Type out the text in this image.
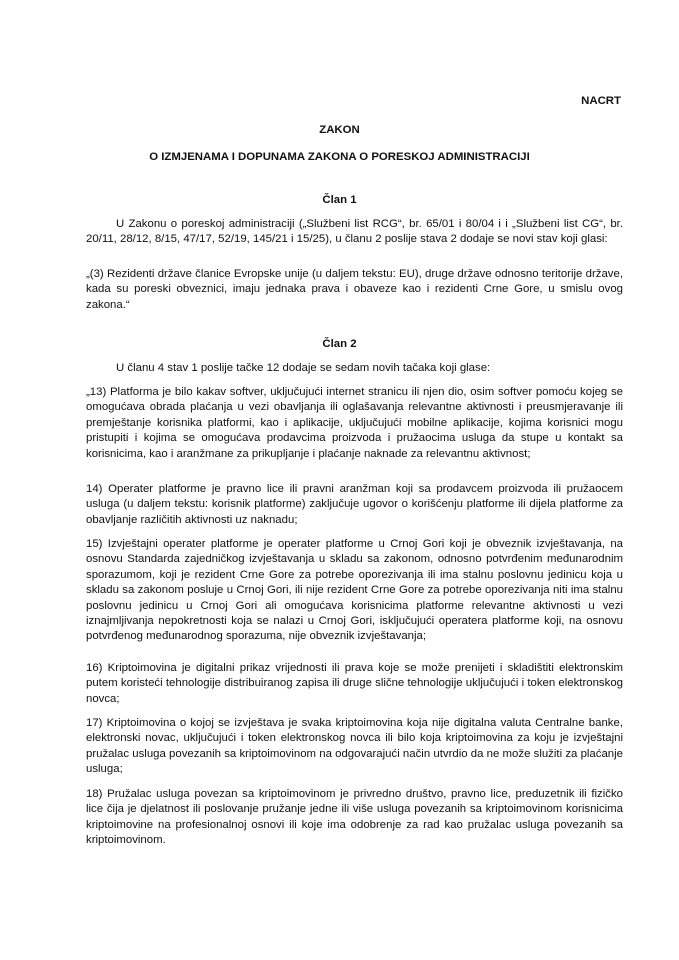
NACRT
ZAKON
O IZMJENAMA I DOPUNAMA ZAKONA O PORESKOJ ADMINISTRACIJI
Član 1
U Zakonu o poreskoj administraciji („Službeni list RCG“, br. 65/01 i 80/04 i i „Službeni list CG“, br. 20/11, 28/12, 8/15, 47/17, 52/19, 145/21 i 15/25), u članu 2 poslije stava 2 dodaje se novi stav koji glasi:
„(3) Rezidenti države članice Evropske unije (u daljem tekstu: EU), druge države odnosno teritorije države, kada su poreski obveznici, imaju jednaka prava i obaveze kao i rezidenti Crne Gore, u smislu ovog zakona.“
Član 2
U članu 4 stav 1 poslije tačke 12 dodaje se sedam novih tačaka koji glase:
„13) Platforma je bilo kakav softver, uključujući internet stranicu ili njen dio, osim softver pomoću kojeg se omogućava obrada plaćanja u vezi obavljanja ili oglašavanja relevantne aktivnosti i preusmjeravanje ili premještanje korisnika platformi, kao i aplikacije, uključujući mobilne aplikacije, kojima korisnici mogu pristupiti i kojima se omogućava prodavcima proizvoda i pružaocima usluga da stupe u kontakt sa korisnicima, kao i aranžmane za prikupljanje i plaćanje naknade za relevantnu aktivnost;
14) Operater platforme je pravno lice ili pravni aranžman koji sa prodavcem proizvoda ili pružaocem usluga (u daljem tekstu: korisnik platforme) zaključuje ugovor o korišćenju platforme ili dijela platforme za obavljanje različitih aktivnosti uz naknadu;
15) Izvještajni operater platforme je operater platforme u Crnoj Gori koji je obveznik izvještavanja, na osnovu Standarda zajedničkog izvještavanja u skladu sa zakonom, odnosno potvrđenim međunarodnim sporazumom, koji je rezident Crne Gore za potrebe oporezivanja ili ima stalnu poslovnu jedinicu koja u skladu sa zakonom posluje u Crnoj Gori, ili nije rezident Crne Gore za potrebe oporezivanja niti ima stalnu poslovnu jedinicu u Crnoj Gori ali omogućava korisnicima platforme relevantne aktivnosti u vezi iznajmljivanja nepokretnosti koja se nalazi u Crnoj Gori, isključujući operatera platforme koji, na osnovu potvrđenog međunarodnog sporazuma, nije obveznik izvještavanja;
16) Kriptoimovina je digitalni prikaz vrijednosti ili prava koje se može prenijeti i skladištiti elektronskim putem koristeći tehnologije distribuiranog zapisa ili druge slične tehnologije uključujući i token elektronskog novca;
17) Kriptoimovina o kojoj se izvještava je svaka kriptoimovina koja nije digitalna valuta Centralne banke, elektronski novac, uključujući i token elektronskog novca ili bilo koja kriptoimovina za koju je izvještajni pružalac usluga povezanih sa kriptoimovinom na odgovarajući način utvrdio da ne može služiti za plaćanje usluga;
18) Pružalac usluga povezan sa kriptoimovinom je privredno društvo, pravno lice, preduzetnik ili fizičko lice čija je djelatnost ili poslovanje pružanje jedne ili više usluga povezanih sa kriptoimovinom korisnicima kriptoimovine na profesionalnoj osnovi ili koje ima odobrenje za rad kao pružalac usluga povezanih sa kriptoimovinom.
